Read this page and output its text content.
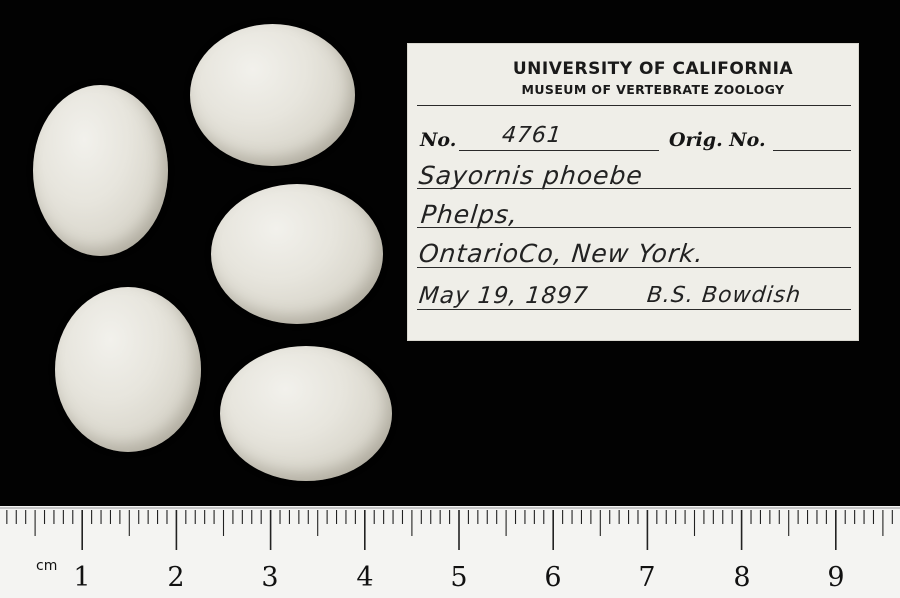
UNIVERSITY OF CALIFORNIA
MUSEUM OF VERTEBRATE ZOOLOGY
No. 4761	Orig. No.
Sayornis phoebe
Phelps,
OntarioCo, New York.
May 19, 1897	B.S. Bowdish
cm 1	2	3	4	5	6	7	8	9
